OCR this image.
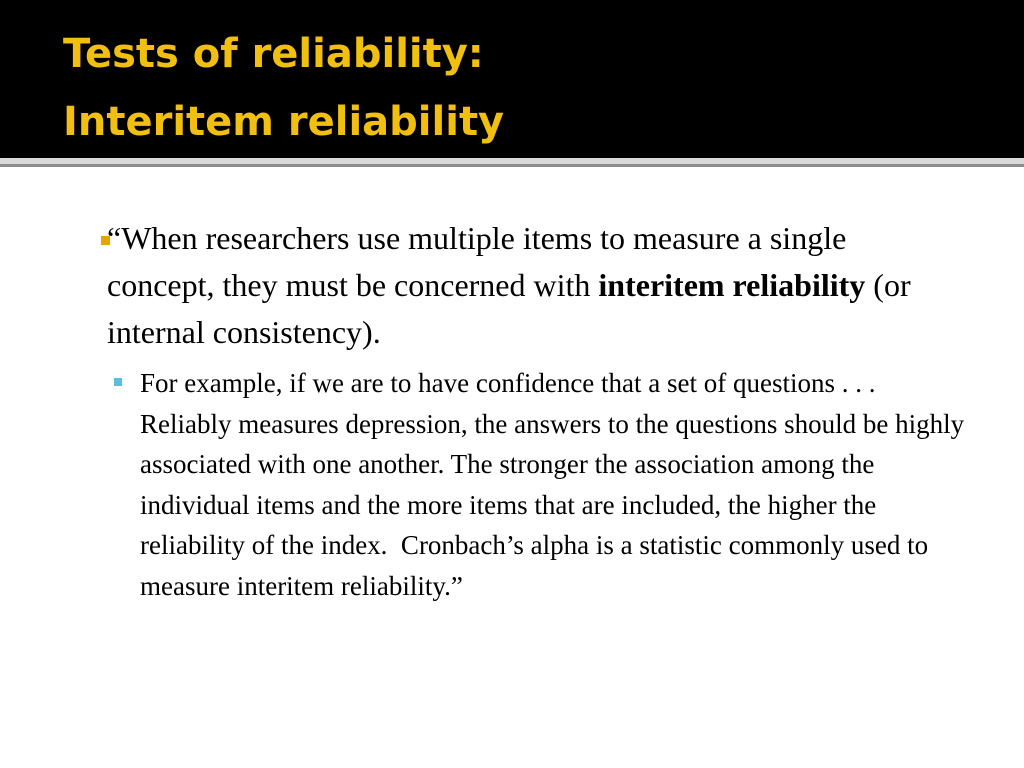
Tests of reliability:
Interitem reliability

“When researchers use multiple items to measure a single concept, they must be concerned with interitem reliability (or internal consistency).

For example, if we are to have confidence that a set of questions . . . Reliably measures depression, the answers to the questions should be highly associated with one another. The stronger the association among the individual items and the more items that are included, the higher the reliability of the index.  Cronbach’s alpha is a statistic commonly used to measure interitem reliability.”
